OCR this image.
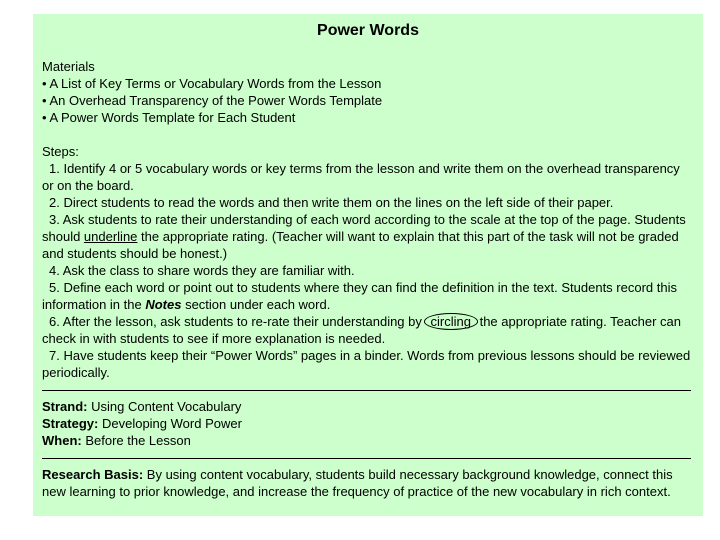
Power Words
Materials
• A List of Key Terms or Vocabulary Words from the Lesson
• An Overhead Transparency of the Power Words Template
• A Power Words Template for Each Student
Steps:
1. Identify 4 or 5 vocabulary words or key terms from the lesson and write them on the overhead transparency or on the board.
2. Direct students to read the words and then write them on the lines on the left side of their paper.
3. Ask students to rate their understanding of each word according to the scale at the top of the page. Students should underline the appropriate rating. (Teacher will want to explain that this part of the task will not be graded and students should be honest.)
4. Ask the class to share words they are familiar with.
5. Define each word or point out to students where they can find the definition in the text. Students record this information in the Notes section under each word.
6. After the lesson, ask students to re-rate their understanding by circling the appropriate rating. Teacher can check in with students to see if more explanation is needed.
7. Have students keep their “Power Words” pages in a binder. Words from previous lessons should be reviewed periodically.
Strand: Using Content Vocabulary
Strategy: Developing Word Power
When: Before the Lesson
Research Basis: By using content vocabulary, students build necessary background knowledge, connect this new learning to prior knowledge, and increase the frequency of practice of the new vocabulary in rich context.
